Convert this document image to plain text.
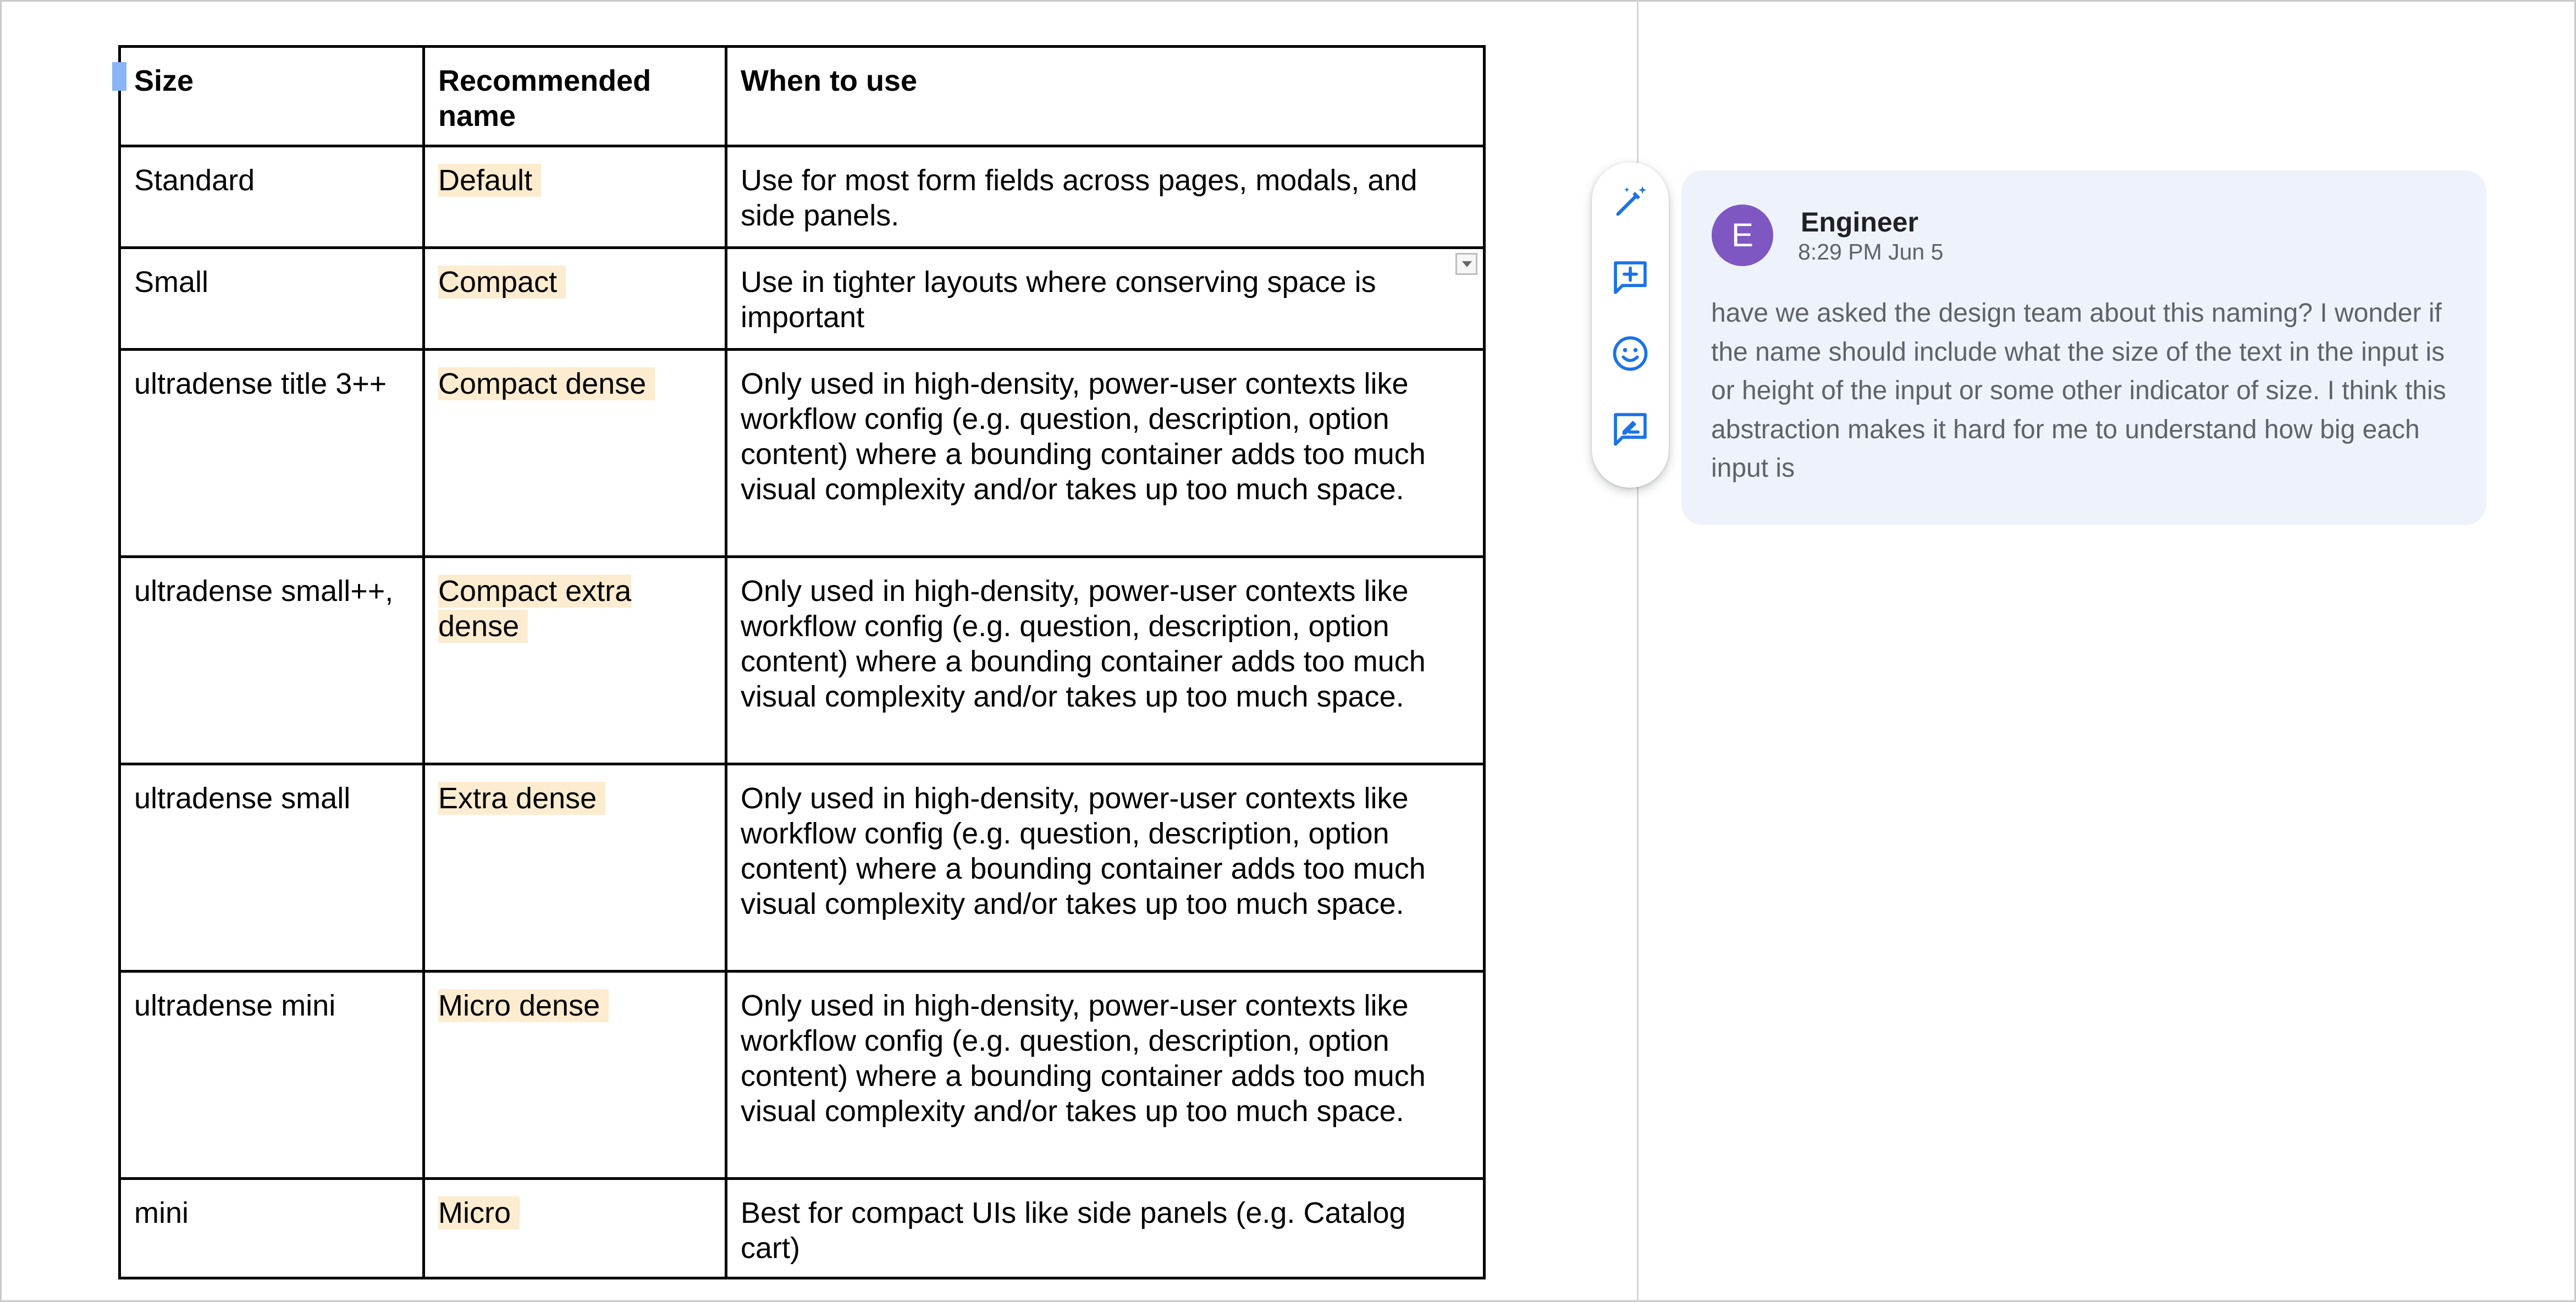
Size	Recommended name	When to use
Standard	Default	Use for most form fields across pages, modals, and side panels.
Small	Compact	Use in tighter layouts where conserving space is important
ultradense title 3++	Compact dense	Only used in high-density, power-user contexts like workflow config (e.g. question, description, option content) where a bounding container adds too much visual complexity and/or takes up too much space.
ultradense small++,	Compact extra dense	Only used in high-density, power-user contexts like workflow config (e.g. question, description, option content) where a bounding container adds too much visual complexity and/or takes up too much space.
ultradense small	Extra dense	Only used in high-density, power-user contexts like workflow config (e.g. question, description, option content) where a bounding container adds too much visual complexity and/or takes up too much space.
ultradense mini	Micro dense	Only used in high-density, power-user contexts like workflow config (e.g. question, description, option content) where a bounding container adds too much visual complexity and/or takes up too much space.
mini	Micro	Best for compact UIs like side panels (e.g. Catalog cart)
E	Engineer
8:29 PM Jun 5
have we asked the design team about this naming? I wonder if the name should include what the size of the text in the input is or height of the input or some other indicator of size. I think this abstraction makes it hard for me to understand how big each input is
